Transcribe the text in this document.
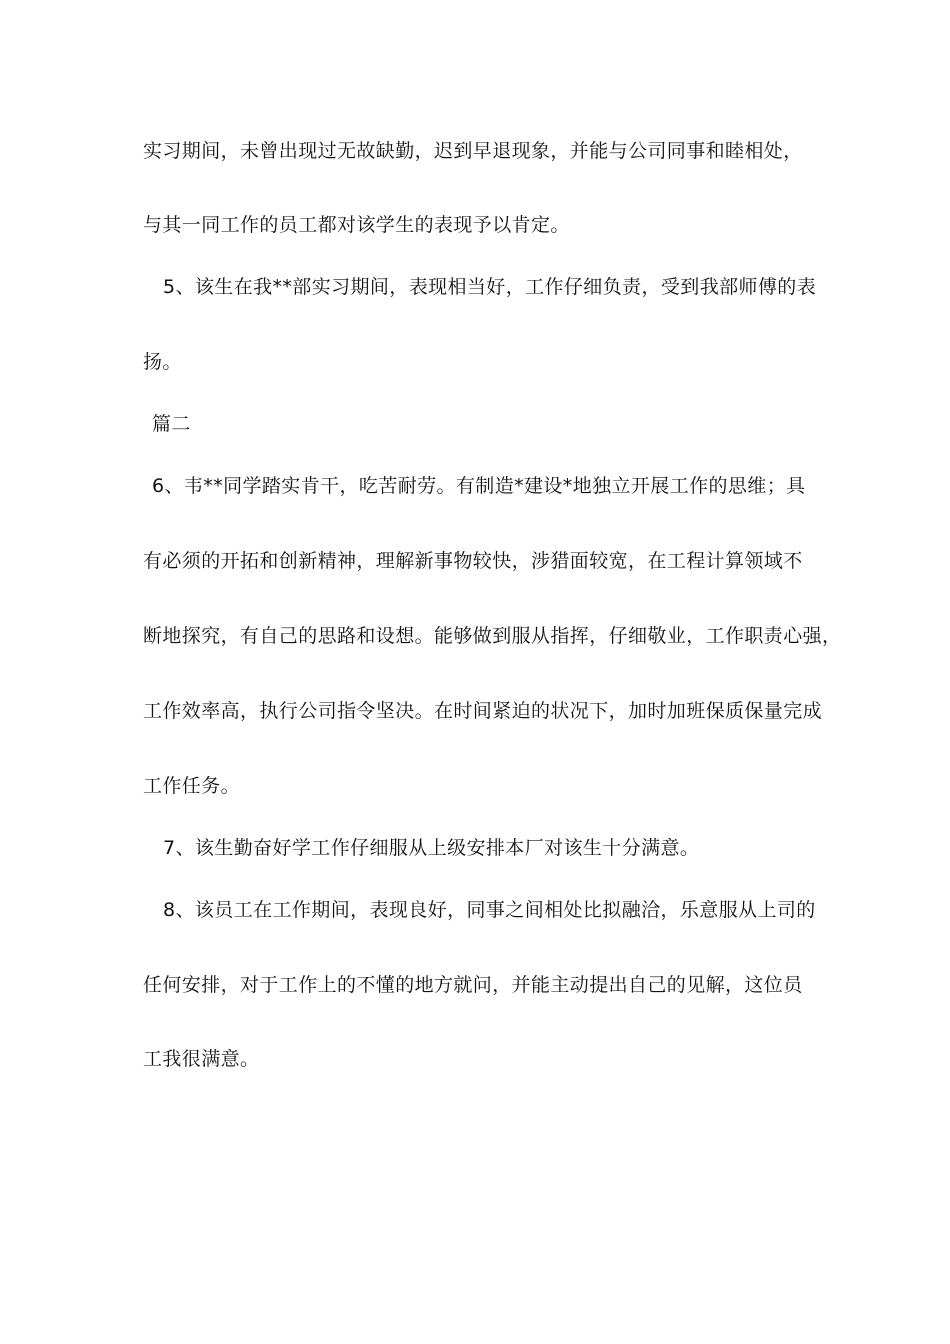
实习期间，未曾出现过无故缺勤，迟到早退现象，并能与公司同事和睦相处，
与其一同工作的员工都对该学生的表现予以肯定。
5、该生在我**部实习期间，表现相当好，工作仔细负责，受到我部师傅的表
扬。
篇二
6、韦**同学踏实肯干，吃苦耐劳。有制造*建设*地独立开展工作的思维；具
有必须的开拓和创新精神，理解新事物较快，涉猎面较宽，在工程计算领域不
断地探究，有自己的思路和设想。能够做到服从指挥，仔细敬业，工作职责心强，
工作效率高，执行公司指令坚决。在时间紧迫的状况下，加时加班保质保量完成
工作任务。
7、该生勤奋好学工作仔细服从上级安排本厂对该生十分满意。
8、该员工在工作期间，表现良好，同事之间相处比拟融洽，乐意服从上司的
任何安排，对于工作上的不懂的地方就问，并能主动提出自己的见解，这位员
工我很满意。
